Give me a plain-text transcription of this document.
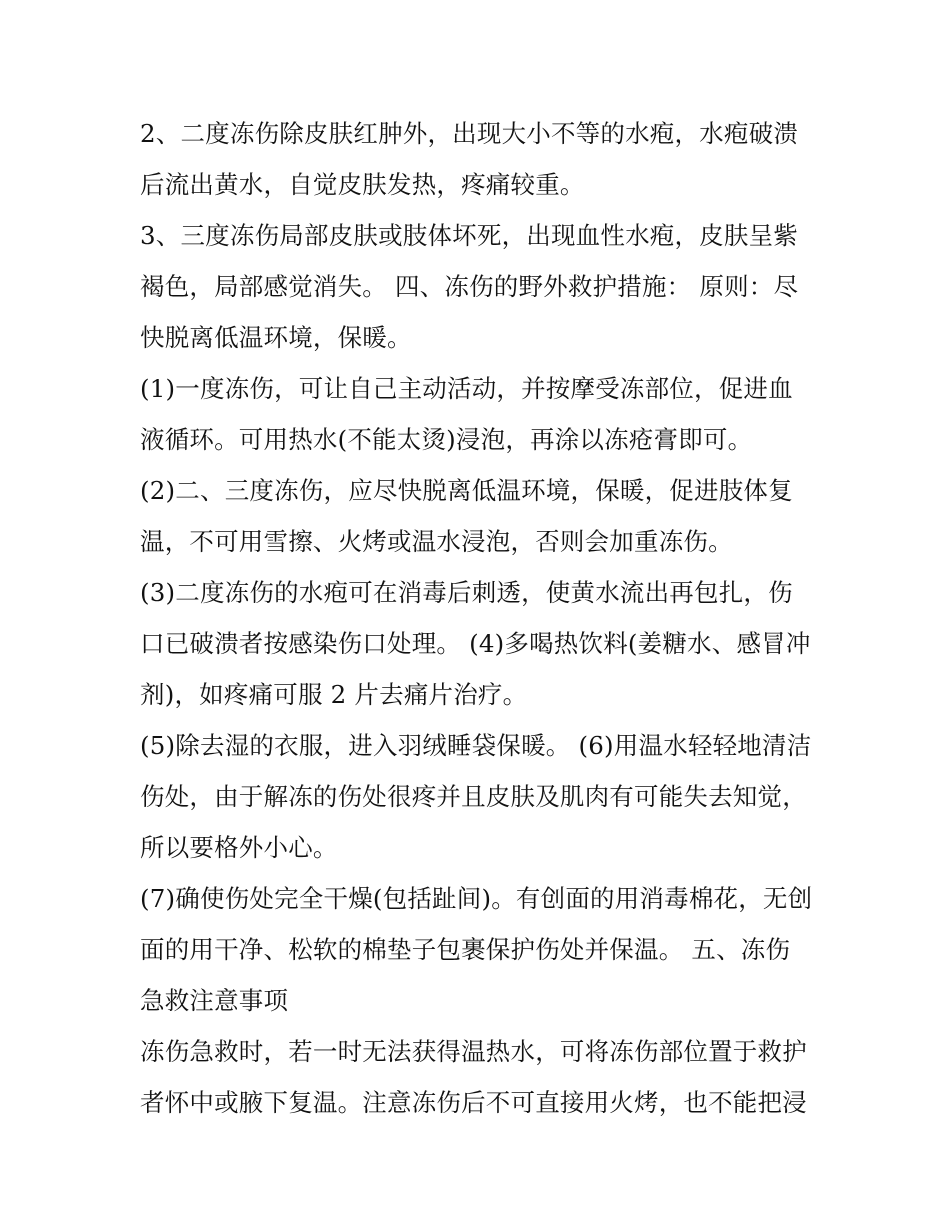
2、二度冻伤除皮肤红肿外，出现大小不等的水疱，水疱破溃
后流出黄水，自觉皮肤发热，疼痛较重。

3、三度冻伤局部皮肤或肢体坏死，出现血性水疱，皮肤呈紫
褐色，局部感觉消失。 四、冻伤的野外救护措施： 原则：尽
快脱离低温环境，保暖。

(1)一度冻伤，可让自己主动活动，并按摩受冻部位，促进血
液循环。可用热水(不能太烫)浸泡，再涂以冻疮膏即可。

(2)二、三度冻伤，应尽快脱离低温环境，保暖，促进肢体复
温，不可用雪擦、火烤或温水浸泡，否则会加重冻伤。

(3)二度冻伤的水疱可在消毒后刺透，使黄水流出再包扎，伤
口已破溃者按感染伤口处理。 (4)多喝热饮料(姜糖水、感冒冲
剂)，如疼痛可服 2 片去痛片治疗。

(5)除去湿的衣服，进入羽绒睡袋保暖。 (6)用温水轻轻地清洁
伤处，由于解冻的伤处很疼并且皮肤及肌肉有可能失去知觉，
所以要格外小心。

(7)确使伤处完全干燥(包括趾间)。有创面的用消毒棉花，无创
面的用干净、松软的棉垫子包裹保护伤处并保温。 五、冻伤
急救注意事项

冻伤急救时，若一时无法获得温热水，可将冻伤部位置于救护
者怀中或腋下复温。注意冻伤后不可直接用火烤，也不能把浸
